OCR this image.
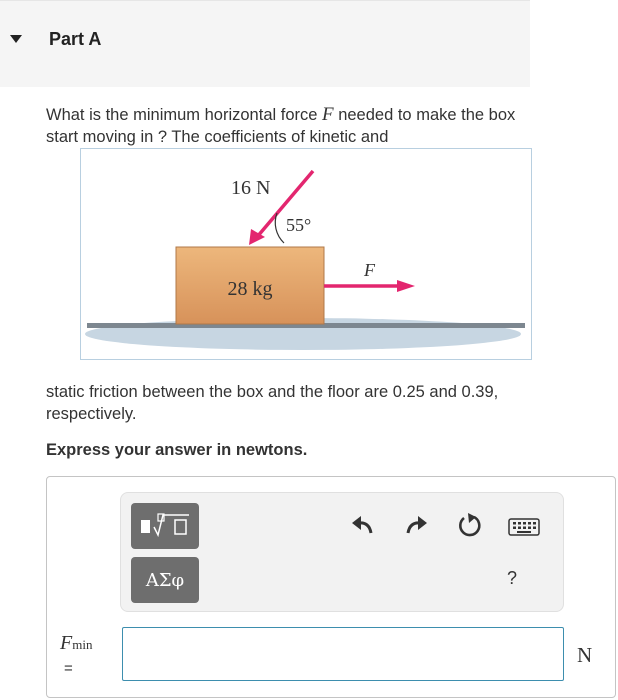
Part A
What is the minimum horizontal force F needed to make the box start moving in ? The coefficients of kinetic and
28 kg
16 N
55°
F
static friction between the box and the floor are 0.25 and 0.39, respectively.
Express your answer in newtons.
ΑΣφ	?
Fmin
=
N
